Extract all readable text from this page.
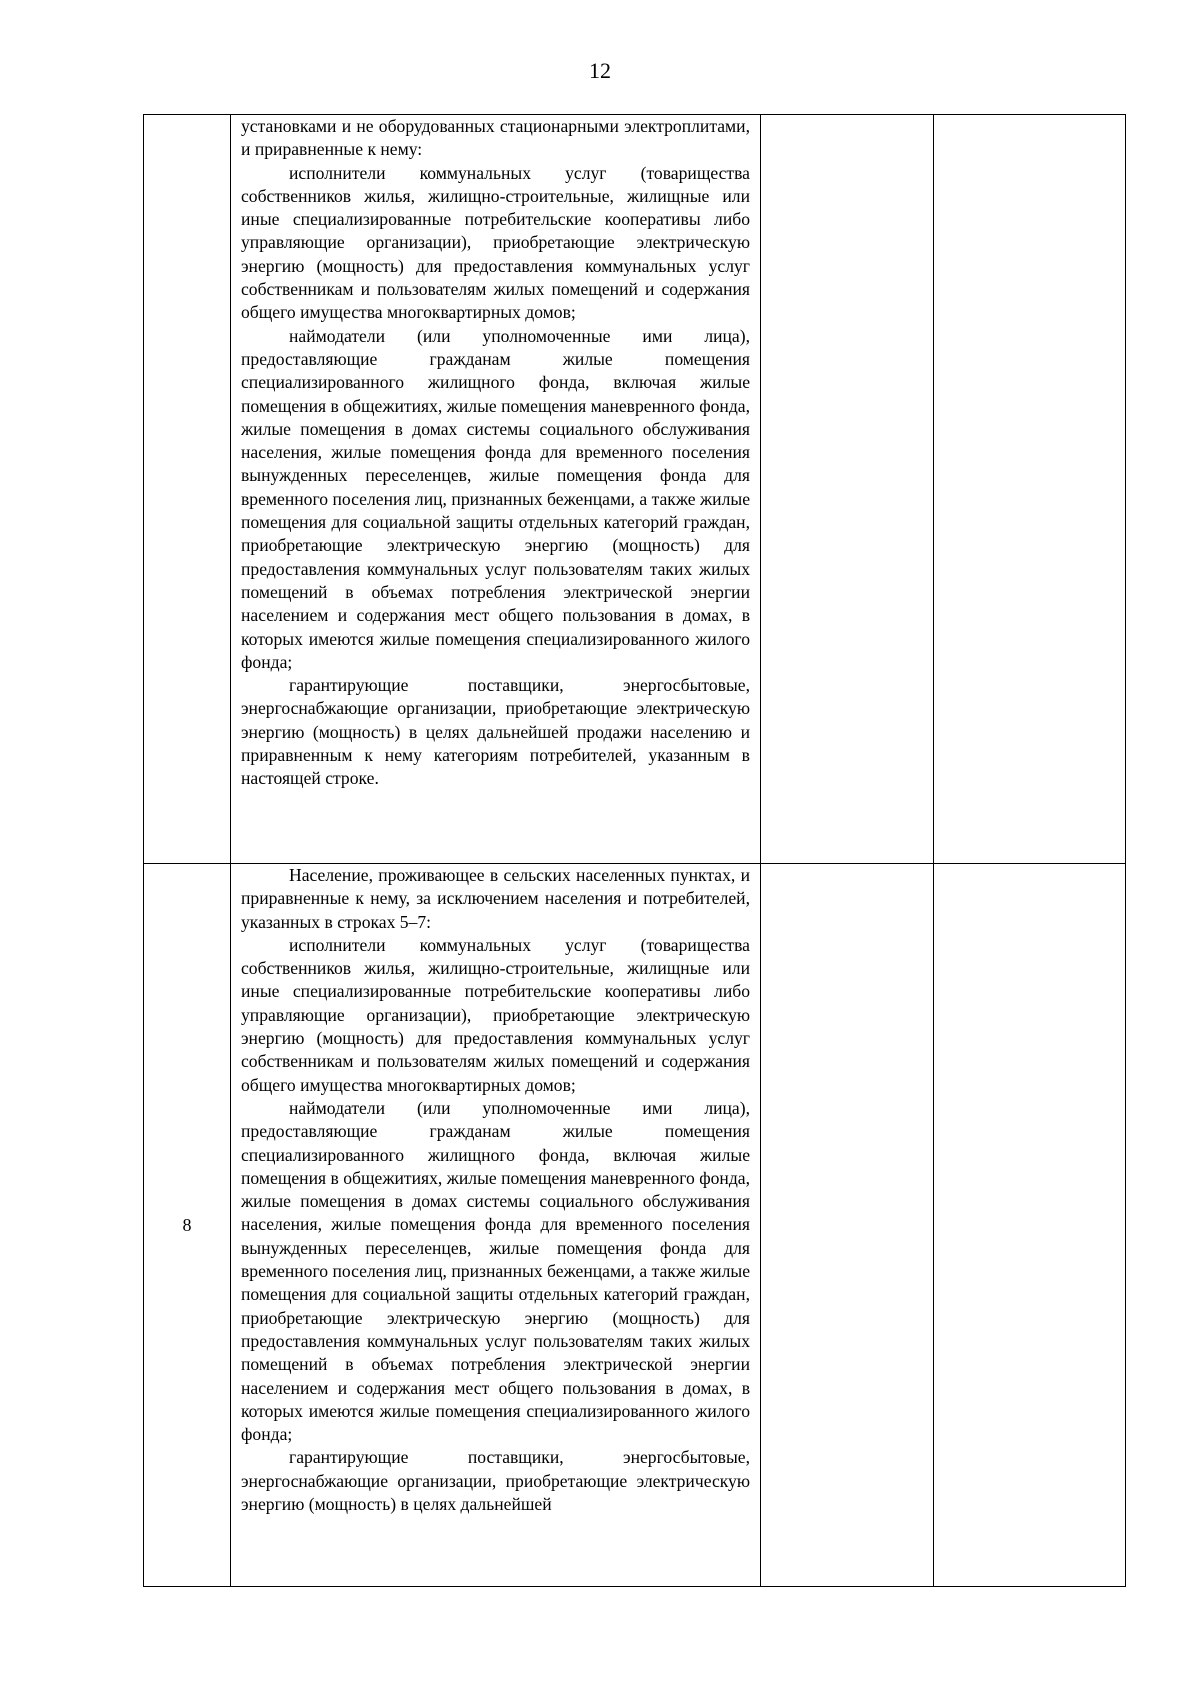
12

	установками и не оборудованных стационарными электроплитами, и приравненные к нему:

исполнители коммунальных услуг (товарищества собственников жилья, жилищно-строительные, жилищные или иные специализированные потребительские кооперативы либо управляющие организации), приобретающие электрическую энергию (мощность) для предоставления коммунальных услуг собственникам и пользователям жилых помещений и содержания общего имущества многоквартирных домов;

наймодатели (или уполномоченные ими лица), предоставляющие гражданам жилые помещения специализированного жилищного фонда, включая жилые помещения в общежитиях, жилые помещения маневренного фонда, жилые помещения в домах системы социального обслуживания населения, жилые помещения фонда для временного поселения вынужденных переселенцев, жилые помещения фонда для временного поселения лиц, признанных беженцами, а также жилые помещения для социальной защиты отдельных категорий граждан, приобретающие электрическую энергию (мощность) для предоставления коммунальных услуг пользователям таких жилых помещений в объемах потребления электрической энергии населением и содержания мест общего пользования в домах, в которых имеются жилые помещения специализированного жилого фонда;

гарантирующие поставщики, энергосбытовые, энергоснабжающие организации, приобретающие электрическую энергию (мощность) в целях дальнейшей продажи населению и приравненным к нему категориям потребителей, указанным в настоящей строке.		

8	Население, проживающее в сельских населенных пунктах, и приравненные к нему, за исключением населения и потребителей, указанных в строках 5–7:

исполнители коммунальных услуг (товарищества собственников жилья, жилищно-строительные, жилищные или иные специализированные потребительские кооперативы либо управляющие организации), приобретающие электрическую энергию (мощность) для предоставления коммунальных услуг собственникам и пользователям жилых помещений и содержания общего имущества многоквартирных домов;

наймодатели (или уполномоченные ими лица), предоставляющие гражданам жилые помещения специализированного жилищного фонда, включая жилые помещения в общежитиях, жилые помещения маневренного фонда, жилые помещения в домах системы социального обслуживания населения, жилые помещения фонда для временного поселения вынужденных переселенцев, жилые помещения фонда для временного поселения лиц, признанных беженцами, а также жилые помещения для социальной защиты отдельных категорий граждан, приобретающие электрическую энергию (мощность) для предоставления коммунальных услуг пользователям таких жилых помещений в объемах потребления электрической энергии населением и содержания мест общего пользования в домах, в которых имеются жилые помещения специализированного жилого фонда;

гарантирующие поставщики, энергосбытовые, энергоснабжающие организации, приобретающие электрическую энергию (мощность) в целях дальнейшей		
